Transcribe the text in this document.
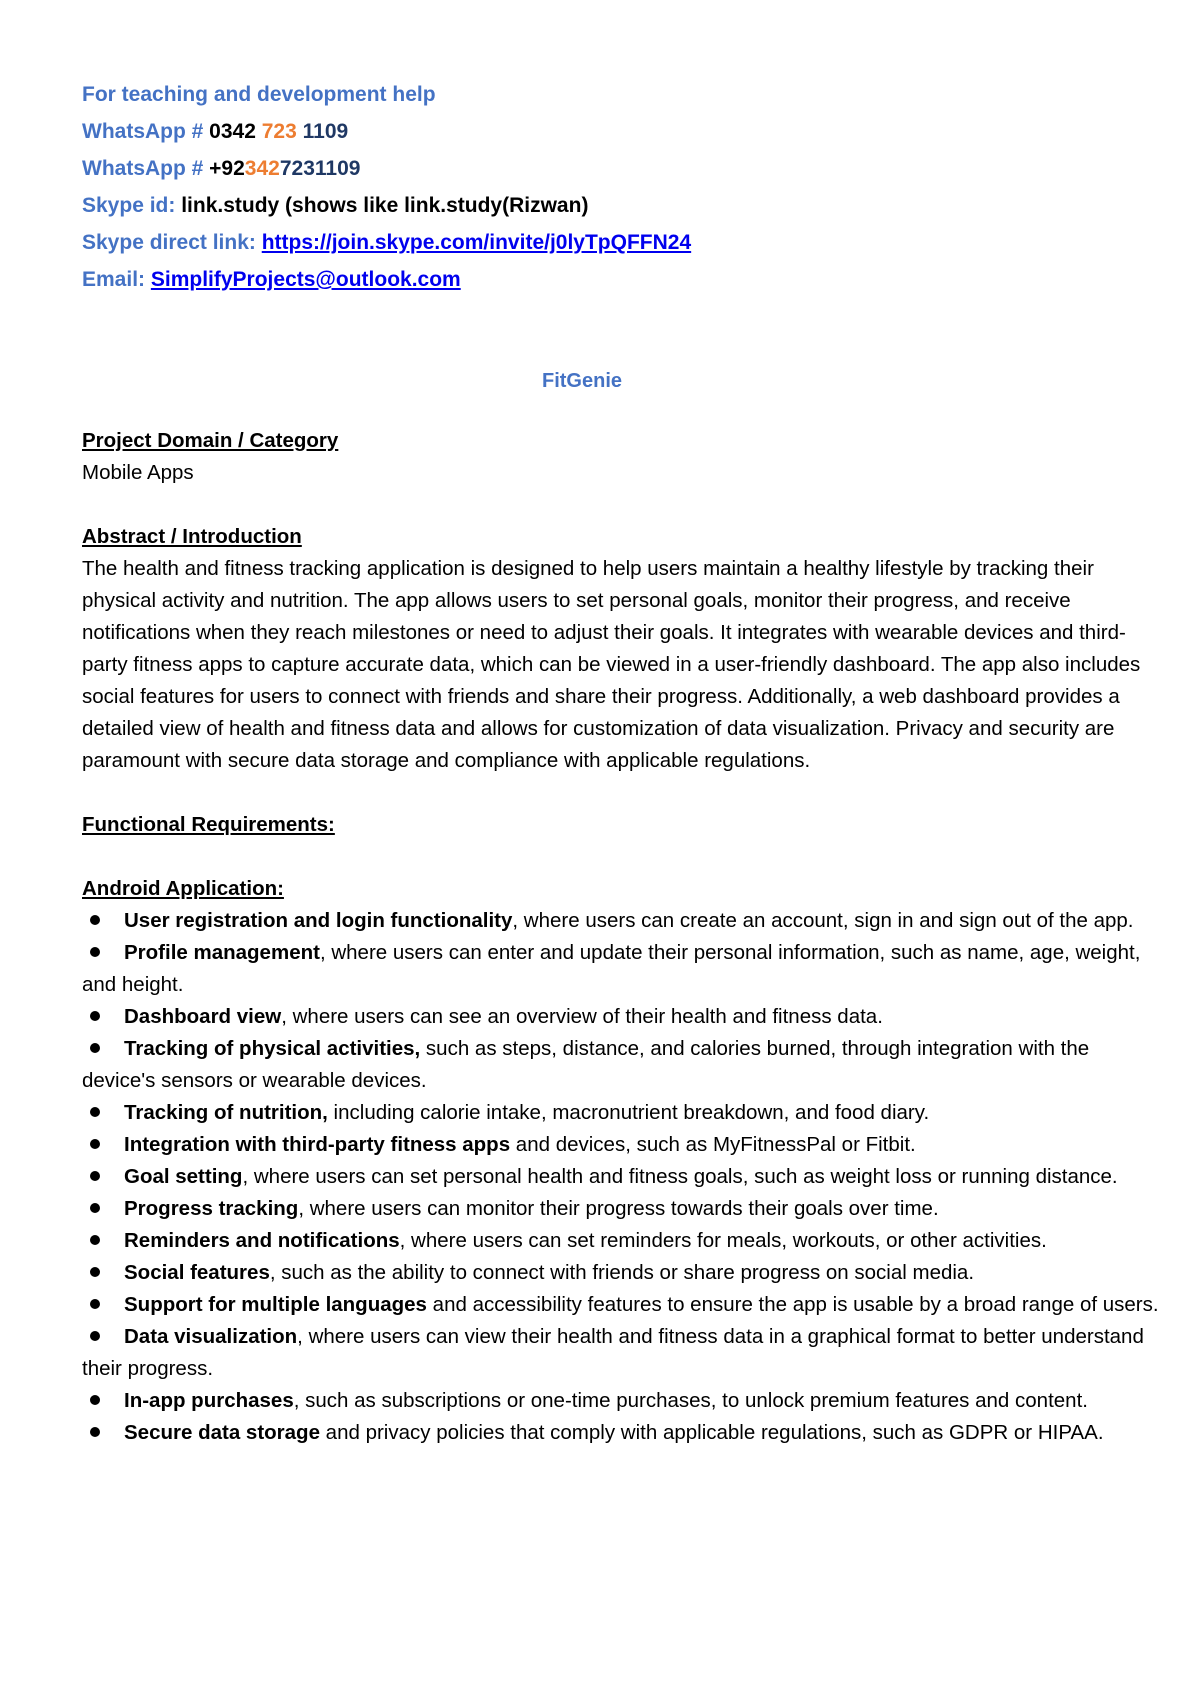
For teaching and development help
WhatsApp # 0342 723 1109
WhatsApp # +923427231109
Skype id: link.study (shows like link.study(Rizwan)
Skype direct link: https://join.skype.com/invite/j0lyTpQFFN24
Email: SimplifyProjects@outlook.com
FitGenie
Project Domain / Category
Mobile Apps
Abstract / Introduction
The health and fitness tracking application is designed to help users maintain a healthy lifestyle by tracking their physical activity and nutrition. The app allows users to set personal goals, monitor their progress, and receive notifications when they reach milestones or need to adjust their goals. It integrates with wearable devices and third-party fitness apps to capture accurate data, which can be viewed in a user-friendly dashboard. The app also includes social features for users to connect with friends and share their progress. Additionally, a web dashboard provides a detailed view of health and fitness data and allows for customization of data visualization. Privacy and security are paramount with secure data storage and compliance with applicable regulations.
Functional Requirements:
Android Application:
User registration and login functionality, where users can create an account, sign in and sign out of the app.
Profile management, where users can enter and update their personal information, such as name, age, weight, and height.
Dashboard view, where users can see an overview of their health and fitness data.
Tracking of physical activities, such as steps, distance, and calories burned, through integration with the device's sensors or wearable devices.
Tracking of nutrition, including calorie intake, macronutrient breakdown, and food diary.
Integration with third-party fitness apps and devices, such as MyFitnessPal or Fitbit.
Goal setting, where users can set personal health and fitness goals, such as weight loss or running distance.
Progress tracking, where users can monitor their progress towards their goals over time.
Reminders and notifications, where users can set reminders for meals, workouts, or other activities.
Social features, such as the ability to connect with friends or share progress on social media.
Support for multiple languages and accessibility features to ensure the app is usable by a broad range of users.
Data visualization, where users can view their health and fitness data in a graphical format to better understand their progress.
In-app purchases, such as subscriptions or one-time purchases, to unlock premium features and content.
Secure data storage and privacy policies that comply with applicable regulations, such as GDPR or HIPAA.
